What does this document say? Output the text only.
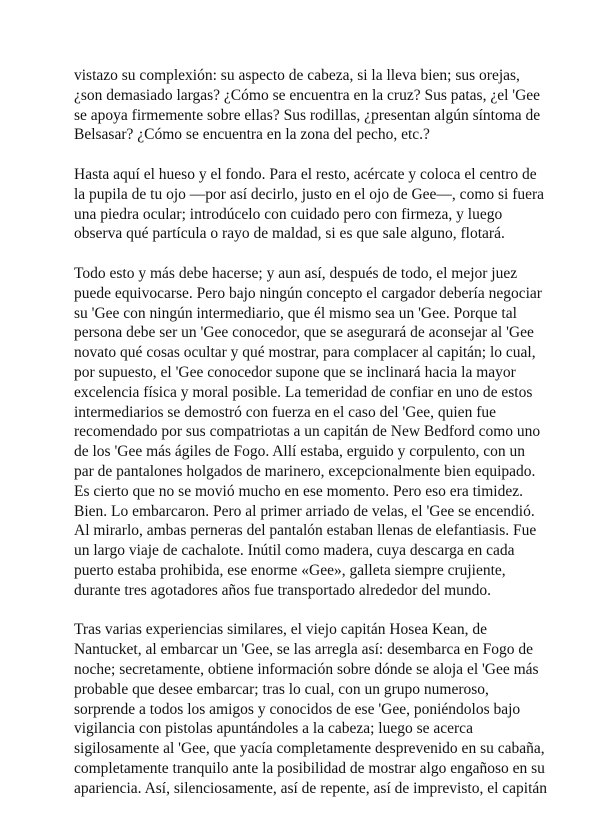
vistazo su complexión: su aspecto de cabeza, si la lleva bien; sus orejas,
¿son demasiado largas? ¿Cómo se encuentra en la cruz? Sus patas, ¿el 'Gee
se apoya firmemente sobre ellas? Sus rodillas, ¿presentan algún síntoma de
Belsasar? ¿Cómo se encuentra en la zona del pecho, etc.?

Hasta aquí el hueso y el fondo. Para el resto, acércate y coloca el centro de
la pupila de tu ojo —por así decirlo, justo en el ojo de Gee—, como si fuera
una piedra ocular; introdúcelo con cuidado pero con firmeza, y luego
observa qué partícula o rayo de maldad, si es que sale alguno, flotará.

Todo esto y más debe hacerse; y aun así, después de todo, el mejor juez
puede equivocarse. Pero bajo ningún concepto el cargador debería negociar
su 'Gee con ningún intermediario, que él mismo sea un 'Gee. Porque tal
persona debe ser un 'Gee conocedor, que se asegurará de aconsejar al 'Gee
novato qué cosas ocultar y qué mostrar, para complacer al capitán; lo cual,
por supuesto, el 'Gee conocedor supone que se inclinará hacia la mayor
excelencia física y moral posible. La temeridad de confiar en uno de estos
intermediarios se demostró con fuerza en el caso del 'Gee, quien fue
recomendado por sus compatriotas a un capitán de New Bedford como uno
de los 'Gee más ágiles de Fogo. Allí estaba, erguido y corpulento, con un
par de pantalones holgados de marinero, excepcionalmente bien equipado.
Es cierto que no se movió mucho en ese momento. Pero eso era timidez.
Bien. Lo embarcaron. Pero al primer arriado de velas, el 'Gee se encendió.
Al mirarlo, ambas perneras del pantalón estaban llenas de elefantiasis. Fue
un largo viaje de cachalote. Inútil como madera, cuya descarga en cada
puerto estaba prohibida, ese enorme «Gee», galleta siempre crujiente,
durante tres agotadores años fue transportado alrededor del mundo.

Tras varias experiencias similares, el viejo capitán Hosea Kean, de
Nantucket, al embarcar un 'Gee, se las arregla así: desembarca en Fogo de
noche; secretamente, obtiene información sobre dónde se aloja el 'Gee más
probable que desee embarcar; tras lo cual, con un grupo numeroso,
sorprende a todos los amigos y conocidos de ese 'Gee, poniéndolos bajo
vigilancia con pistolas apuntándoles a la cabeza; luego se acerca
sigilosamente al 'Gee, que yacía completamente desprevenido en su cabaña,
completamente tranquilo ante la posibilidad de mostrar algo engañoso en su
apariencia. Así, silenciosamente, así de repente, así de imprevisto, el capitán
